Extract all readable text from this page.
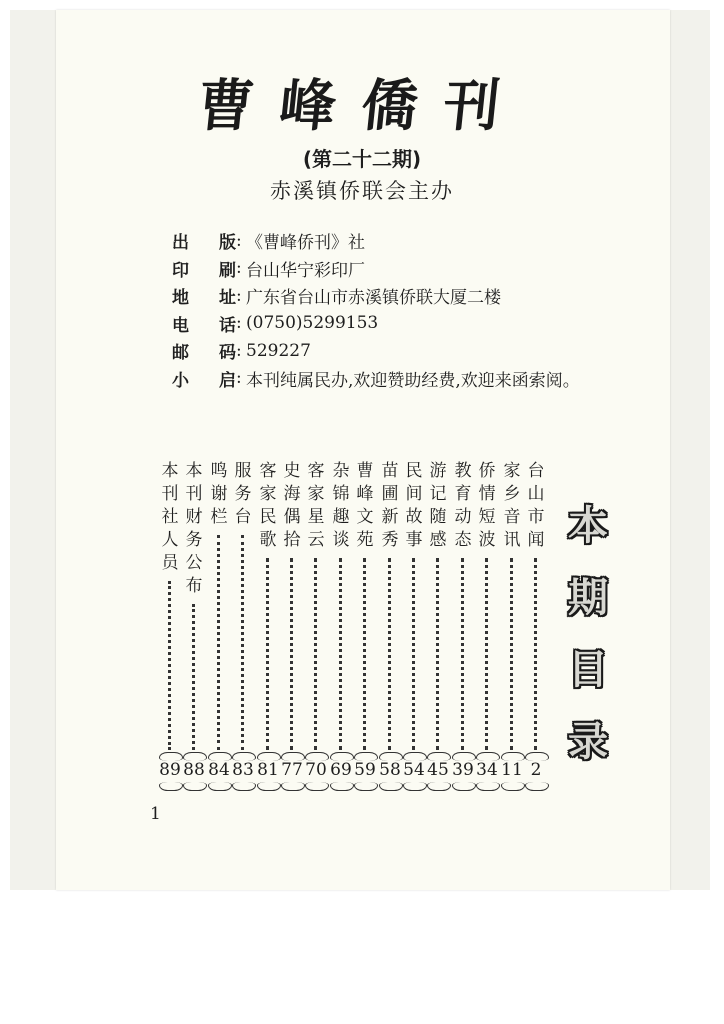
曹峰僑刊
(第二十二期)
赤溪镇侨联会主办
出 版 : 《曹峰侨刊》社
印 刷 : 台山华宁彩印厂
地 址 : 广东省台山市赤溪镇侨联大厦二楼
电 话 : (0750)5299153
邮 码 : 529227
小 启 : 本刊纯属民办,欢迎赞助经费,欢迎来函索阅。
台
山
市
闻
2
家
乡
音
讯
11
侨
情
短
波
34
教
育
动
态
39
游
记
随
感
45
民
间
故
事
54
苗
圃
新
秀
58
曹
峰
文
苑
59
杂
锦
趣
谈
69
客
家
星
云
70
史
海
偶
拾
77
客
家
民
歌
81
服
务
台
83
鸣
谢
栏
84
本
刊
财
务
公
布
88
本
刊
社
人
员
89
本
期
目
录
1
